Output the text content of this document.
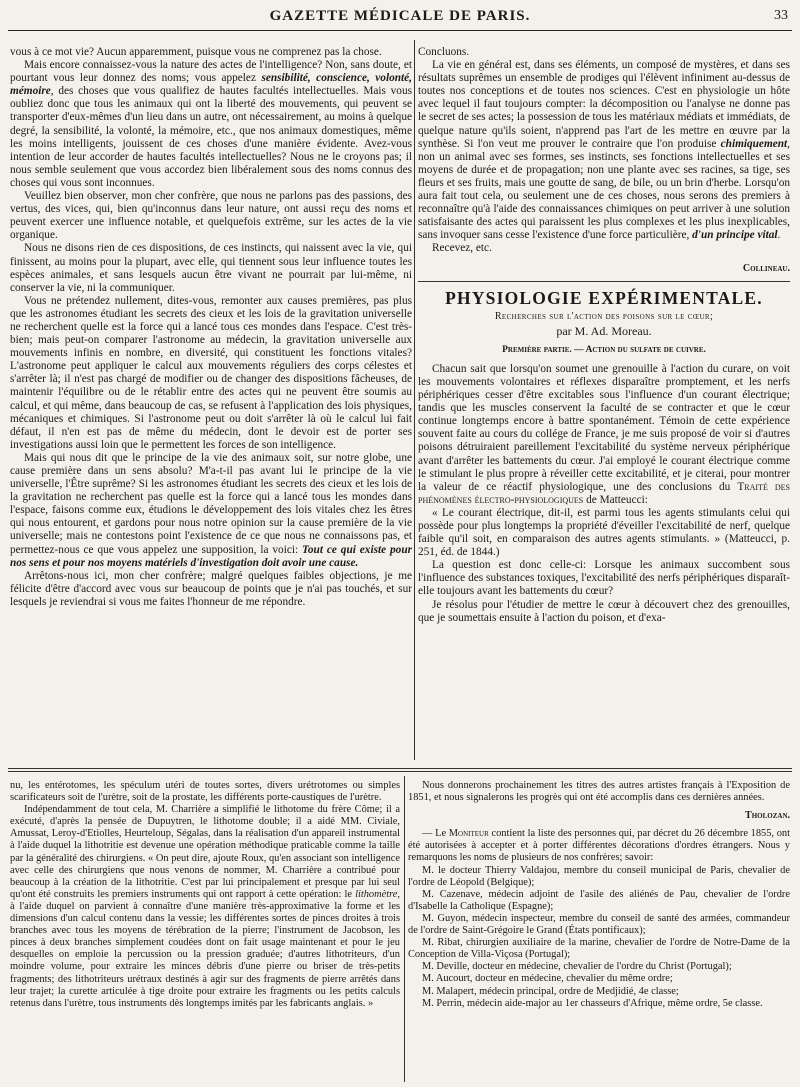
GAZETTE MÉDICALE DE PARIS.	33

vous à ce mot vie? Aucun apparemment, puisque vous ne comprenez pas la chose.

Mais encore connaissez-vous la nature des actes de l'intelligence? Non, sans doute, et pourtant vous leur donnez des noms; vous appelez sensibilité, conscience, volonté, mémoire, des choses que vous qualifiez de hautes facultés intellectuelles. Mais vous oubliez donc que tous les animaux qui ont la liberté des mouvements, qui peuvent se transporter d'eux-mêmes d'un lieu dans un autre, ont nécessairement, au moins à quelque degré, la sensibilité, la volonté, la mémoire, etc., que nos animaux domestiques, même les moins intelligents, jouissent de ces choses d'une manière évidente. Avez-vous intention de leur accorder de hautes facultés intellectuelles? Nous ne le croyons pas; il nous semble seulement que vous accordez bien libéralement sous des noms connus des choses qui vous sont inconnues.

Veuillez bien observer, mon cher confrère, que nous ne parlons pas des passions, des vertus, des vices, qui, bien qu'inconnus dans leur nature, ont aussi reçu des noms et peuvent exercer une influence notable, et quelquefois extrême, sur les actes de la vie organique.

Nous ne disons rien de ces dispositions, de ces instincts, qui naissent avec la vie, qui finissent, au moins pour la plupart, avec elle, qui tiennent sous leur influence toutes les espèces animales, et sans lesquels aucun être vivant ne pourrait par lui-même, ni conserver la vie, ni la communiquer.

Vous ne prétendez nullement, dites-vous, remonter aux causes premières, pas plus que les astronomes étudiant les secrets des cieux et les lois de la gravitation universelle ne recherchent quelle est la force qui a lancé tous ces mondes dans l'espace. C'est très-bien; mais peut-on comparer l'astronome au médecin, la gravitation universelle aux mouvements infinis en nombre, en diversité, qui constituent les fonctions vitales? L'astronome peut appliquer le calcul aux mouvements réguliers des corps célestes et s'arrêter là; il n'est pas chargé de modifier ou de changer des dispositions fâcheuses, de maintenir l'équilibre ou de le rétablir entre des actes qui ne peuvent être soumis au calcul, et qui même, dans beaucoup de cas, se refusent à l'application des lois physiques, mécaniques et chimiques. Si l'astronome peut ou doit s'arrêter là où le calcul lui fait défaut, il n'en est pas de même du médecin, dont le devoir est de porter ses investigations aussi loin que le permettent les forces de son intelligence.

Mais qui nous dit que le principe de la vie des animaux soit, sur notre globe, une cause première dans un sens absolu? M'a-t-il pas avant lui le principe de la vie universelle, l'Être suprême? Si les astronomes étudiant les secrets des cieux et les lois de la gravitation ne recherchent pas quelle est la force qui a lancé tous les mondes dans l'espace, faisons comme eux, étudions le développement des lois vitales chez les êtres qui nous entourent, et gardons pour nous notre opinion sur la cause première de la vie universelle; mais ne contestons point l'existence de ce que nous ne connaissons pas, et permettez-nous ce que vous appelez une supposition, la voici: Tout ce qui existe pour nos sens et pour nos moyens matériels d'investigation doit avoir une cause.

Arrêtons-nous ici, mon cher confrère; malgré quelques faibles objections, je me félicite d'être d'accord avec vous sur beaucoup de points que je n'ai pas touchés, et sur lesquels je reviendrai si vous me faites l'honneur de me répondre.

Concluons.

La vie en général est, dans ses éléments, un composé de mystères, et dans ses résultats suprêmes un ensemble de prodiges qui l'élèvent infiniment au-dessus de toutes nos conceptions et de toutes nos sciences. C'est en physiologie un hôte avec lequel il faut toujours compter: la décomposition ou l'analyse ne donne pas le secret de ses actes; la possession de tous les matériaux médiats et immédiats, de quelque nature qu'ils soient, n'apprend pas l'art de les mettre en œuvre par la synthèse. Si l'on veut me prouver le contraire que l'on produise chimiquement, non un animal avec ses formes, ses instincts, ses fonctions intellectuelles et ses moyens de durée et de propagation; non une plante avec ses racines, sa tige, ses fleurs et ses fruits, mais une goutte de sang, de bile, ou un brin d'herbe. Lorsqu'on aura fait tout cela, ou seulement une de ces choses, nous serons des premiers à reconnaître qu'à l'aide des connaissances chimiques on peut arriver à une solution satisfaisante des actes qui paraissent les plus complexes et les plus inexplicables, sans invoquer sans cesse l'existence d'une force particulière, d'un principe vital.

Recevez, etc.

Collineau.
PHYSIOLOGIE EXPÉRIMENTALE.
Recherches sur l'action des poisons sur le cœur;
par M. Ad. Moreau.
Première partie. — Action du sulfate de cuivre.

Chacun sait que lorsqu'on soumet une grenouille à l'action du curare, on voit les mouvements volontaires et réflexes disparaître promptement, et les nerfs périphériques cesser d'être excitables sous l'influence d'un courant électrique; tandis que les muscles conservent la faculté de se contracter et que le cœur continue longtemps encore à battre spontanément. Témoin de cette expérience souvent faite au cours du collége de France, je me suis proposé de voir si d'autres poisons détruiraient pareillement l'excitabilité du système nerveux périphérique avant d'arrêter les battements du cœur. J'ai employé le courant électrique comme le stimulant le plus propre à réveiller cette excitabilité, et je citerai, pour montrer la valeur de ce réactif physiologique, une des conclusions du Traité des phénomènes électro-physiologiques de Matteucci:

« Le courant électrique, dit-il, est parmi tous les agents stimulants celui qui possède pour plus longtemps la propriété d'éveiller l'excitabilité de nerf, quelque faible qu'il soit, en comparaison des autres agents stimulants. » (Matteucci, p. 251, éd. de 1844.)

La question est donc celle-ci: Lorsque les animaux succombent sous l'influence des substances toxiques, l'excitabilité des nerfs périphériques disparaît-elle toujours avant les battements du cœur?

Je résolus pour l'étudier de mettre le cœur à découvert chez des grenouilles, que je soumettais ensuite à l'action du poison, et d'exa-

nu, les entérotomes, les spéculum utéri de toutes sortes, divers urétrotomes ou simples scarificateurs soit de l'urètre, soit de la prostate, les différents porte-caustiques de l'urètre.

Indépendamment de tout cela, M. Charrière a simplifié le lithotome du frère Côme; il a exécuté, d'après la pensée de Dupuytren, le lithotome double; il a aidé MM. Civiale, Amussat, Leroy-d'Etiolles, Heurteloup, Ségalas, dans la réalisation d'un appareil instrumental à l'aide duquel la lithotritie est devenue une opération méthodique praticable comme la taille par la généralité des chirurgiens. « On peut dire, ajoute Roux, qu'en associant son intelligence avec celle des chirurgiens que nous venons de nommer, M. Charrière a contribué pour beaucoup à la création de la lithotritie. C'est par lui principalement et presque par lui seul qu'ont été construits les premiers instruments qui ont rapport à cette opération: le lithomètre, à l'aide duquel on parvient à connaître d'une manière très-approximative la forme et les dimensions d'un calcul contenu dans la vessie; les différentes sortes de pinces droites à trois branches avec tous les moyens de térébration de la pierre; l'instrument de Jacobson, les pinces à deux branches simplement coudées dont on fait usage maintenant et pour le jeu desquelles on emploie la percussion ou la pression graduée; d'autres lithotriteurs, d'un moindre volume, pour extraire les minces débris d'une pierre ou briser de très-petits fragments; des lithotriteurs urétraux destinés à agir sur des fragments de pierre arrêtés dans leur trajet; la curette articulée à tige droite pour extraire les fragments ou les petits calculs retenus dans l'urètre, tous instruments dès longtemps imités par les fabricants anglais. »

Nous donnerons prochainement les titres des autres artistes français à l'Exposition de 1851, et nous signalerons les progrès qui ont été accomplis dans ces dernières années.

Tholozan.

— Le Moniteur contient la liste des personnes qui, par décret du 26 décembre 1855, ont été autorisées à accepter et à porter différentes décorations d'ordres étrangers. Nous y remarquons les noms de plusieurs de nos confrères; savoir:

M. le docteur Thierry Valdajou, membre du conseil municipal de Paris, chevalier de l'ordre de Léopold (Belgique);

M. Cazenave, médecin adjoint de l'asile des aliénés de Pau, chevalier de l'ordre d'Isabelle la Catholique (Espagne);

M. Guyon, médecin inspecteur, membre du conseil de santé des armées, commandeur de l'ordre de Saint-Grégoire le Grand (États pontificaux);

M. Ribat, chirurgien auxiliaire de la marine, chevalier de l'ordre de Notre-Dame de la Conception de Villa-Viçosa (Portugal);

M. Deville, docteur en médecine, chevalier de l'ordre du Christ (Portugal);

M. Aucourt, docteur en médecine, chevalier du même ordre;

M. Malapert, médecin principal, ordre de Medjidié, 4e classe;

M. Perrin, médecin aide-major au 1er chasseurs d'Afrique, même ordre, 5e classe.
